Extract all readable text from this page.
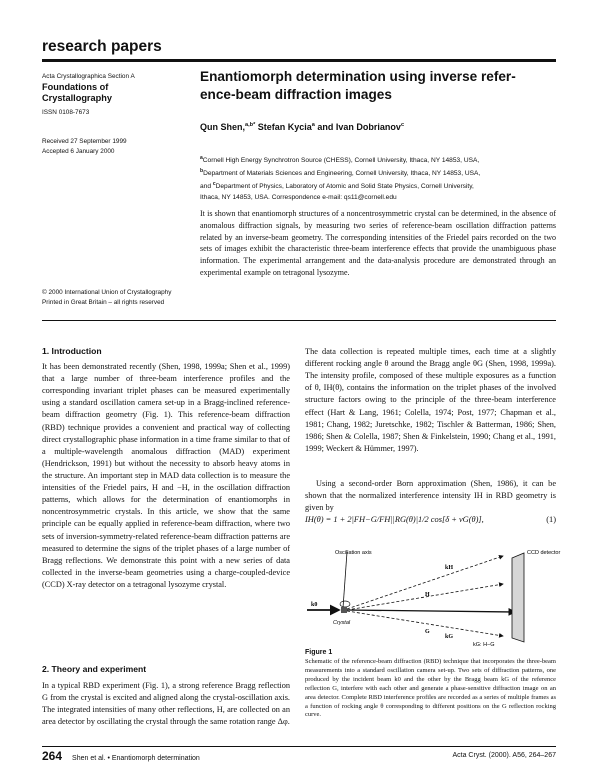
research papers
Acta Crystallographica Section A
Foundations of
Crystallography
ISSN 0108-7673
Received 27 September 1999
Accepted 6 January 2000
© 2000 International Union of Crystallography
Printed in Great Britain – all rights reserved
Enantiomorph determination using inverse refer-
ence-beam diffraction images
Qun Shen,$^{a,b*}$ Stefan Kycia$^a$ and Ivan Dobrianov$^c$
$^a$Cornell High Energy Synchrotron Source (CHESS), Cornell University, Ithaca, NY 14853, USA,
$^b$Department of Materials Sciences and Engineering, Cornell University, Ithaca, NY 14853, USA,
and $^c$Department of Physics, Laboratory of Atomic and Solid State Physics, Cornell University,
Ithaca, NY 14853, USA. Correspondence e-mail: qs11@cornell.edu

It is shown that enantiomorph structures of a noncentrosymmetric crystal can be determined, in the absence of anomalous diffraction signals, by measuring two series of reference-beam oscillation diffraction patterns related by an inverse-beam geometry. The corresponding intensities of the Friedel pairs recorded on the two sets of images exhibit the characteristic three-beam interference effects that provide the unambiguous phase information. The experimental arrangement and the data-analysis procedure are demonstrated through an experimental example on tetragonal lysozyme.

1. Introduction

It has been demonstrated recently (Shen, 1998, 1999a; Shen et al., 1999) that a large number of three-beam interference profiles and the corresponding invariant triplet phases can be measured experimentally using a standard oscillation camera set-up in a Bragg-inclined reference-beam diffraction geometry (Fig. 1). This reference-beam diffraction (RBD) technique provides a convenient and practical way of collecting direct crystallographic phase information in a time frame similar to that of a multiple-wavelength anomalous diffraction (MAD) experiment (Hendrickson, 1991) but without the necessity to absorb heavy atoms in the structure. An important step in MAD data collection is to measure the intensities of the Friedel pairs, H and −H, in the oscillation diffraction patterns, which allows for the determination of enantiomorphs in noncentrosymmetric crystals. In this article, we show that the same principle can be equally applied in reference-beam diffraction, where two sets of inversion-symmetry-related reference-beam diffraction patterns are measured to determine the signs of the triplet phases of a large number of Bragg reflections. We demonstrate this point with a new series of data collected in the inverse-beam geometries using a charge-coupled-device (CCD) X-ray detector on a tetragonal lysozyme crystal.

2. Theory and experiment

In a typical RBD experiment (Fig. 1), a strong reference Bragg reflection G from the crystal is excited and aligned along the crystal-oscillation axis. The integrated intensities of many other reflections, H, are collected on an area detector by oscillating the crystal through the same rotation range Δφ.

The data collection is repeated multiple times, each time at a slightly different rocking angle θ around the Bragg angle θG (Shen, 1998, 1999a). The intensity profile, composed of these multiple exposures as a function of θ, IH(θ), contains the information on the triplet phases of the involved structure factors owing to the principle of the three-beam interference effect (Hart & Lang, 1961; Colella, 1974; Post, 1977; Chapman et al., 1981; Chang, 1982; Juretschke, 1982; Tischler & Batterman, 1986; Shen, 1986; Shen & Colella, 1987; Shen & Finkelstein, 1990; Chang et al., 1991, 1999; Weckert & Hümmer, 1997).

Using a second-order Born approximation (Shen, 1986), it can be shown that the normalized interference intensity IH in RBD geometry is given by

IH(θ) = 1 + 2|FH−G/FH||RG(θ)|1/2 cos[δ + νG(θ)],	(1)
Oscillation axis
Crystal
k0
kH
H
G
kG
CCD detector
kG: H−G
Figure 1

Schematic of the reference-beam diffraction (RBD) technique that incorporates the three-beam measurements into a standard oscillation camera set-up. Two sets of diffraction patterns, one produced by the incident beam k0 and the other by the Bragg beam kG of the reference reflection G, interfere with each other and generate a phase-sensitive diffraction image on an area detector. Complete RBD interference profiles are recorded as a series of multiple frames as a function of rocking angle θ corresponding to different positions on the G reflection rocking curve.

264 Shen et al. • Enantiomorph determination	Acta Cryst. (2000). A56, 264–267
